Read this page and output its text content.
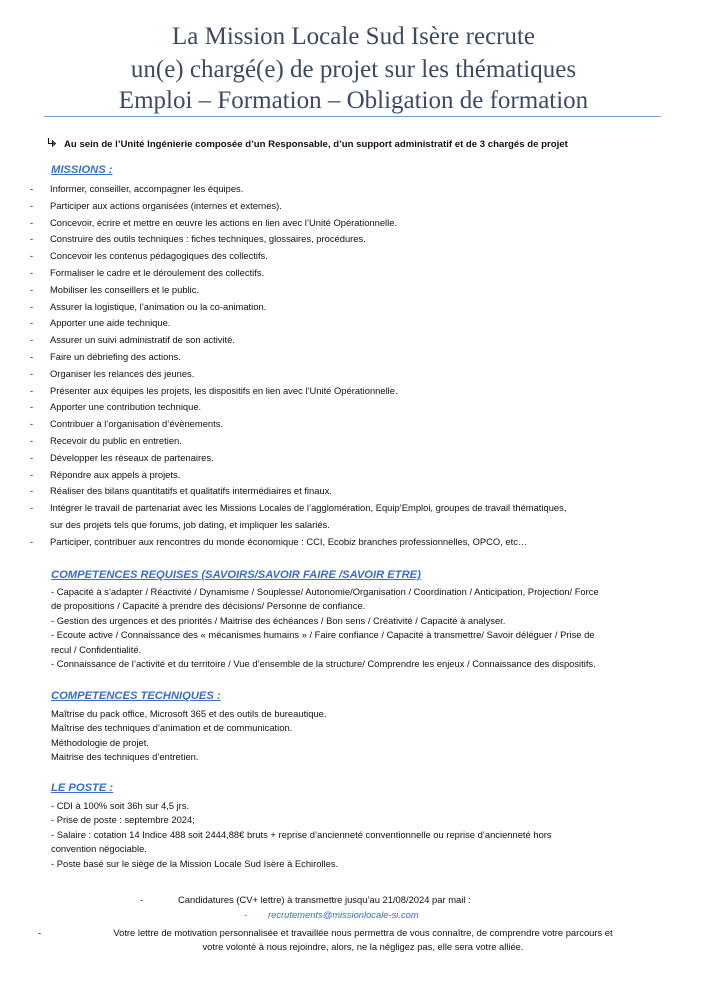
La Mission Locale Sud Isère recrute
un(e) chargé(e) de projet sur les thématiques
Emploi – Formation – Obligation de formation
Au sein de l’Unité Ingénierie composée d’un Responsable, d’un support administratif et de 3 chargés de projet
MISSIONS :
-	Informer, conseiller, accompagner les équipes.
-	Participer aux actions organisées (internes et externes).
-	Concevoir, écrire et mettre en œuvre les actions en lien avec l’Unité Opérationnelle.
-	Construire des outils techniques : fiches techniques, glossaires, procédures.
-	Concevoir les contenus pédagogiques des collectifs.
-	Formaliser le cadre et le déroulement des collectifs.
-	Mobiliser les conseillers et le public.
-	Assurer la logistique, l’animation ou la co-animation.
-	Apporter une aide technique.
-	Assurer un suivi administratif de son activité.
-	Faire un débriefing des actions.
-	Organiser les relances des jeunes.
-	Présenter aux équipes les projets, les dispositifs en lien avec l’Unité Opérationnelle.
-	Apporter une contribution technique.
-	Contribuer à l’organisation d’évènements.
-	Recevoir du public en entretien.
-	Développer les réseaux de partenaires.
-	Répondre aux appels à projets.
-	Réaliser des bilans quantitatifs et qualitatifs intermédiaires et finaux.
-	Intégrer le travail de partenariat avec les Missions Locales de l’agglomération, Equip’Emploi, groupes de travail thématiques,
sur des projets tels que forums, job dating, et impliquer les salariés.
-	Participer, contribuer aux rencontres du monde économique : CCI, Ecobiz branches professionnelles, OPCO, etc…
COMPETENCES REQUISES (SAVOIRS/SAVOIR FAIRE /SAVOIR ETRE)

- Capacité à s’adapter / Réactivité / Dynamisme / Souplesse/ Autonomie/Organisation / Coordination / Anticipation, Projection/ Force

de propositions / Capacité à prendre des décisions/ Personne de confiance.

- Gestion des urgences et des priorités / Maitrise des échéances / Bon sens / Créativité / Capacité à analyser.

- Ecoute active / Connaissance des « mécanismes humains » / Faire confiance / Capacité à transmettre/ Savoir déléguer / Prise de

recul / Confidentialité.

- Connaissance de l’activité et du territoire / Vue d’ensemble de la structure/ Comprendre les enjeux / Connaissance des dispositifs.

COMPETENCES TECHNIQUES :

Maîtrise du pack office, Microsoft 365 et des outils de bureautique.

Maîtrise des techniques d’animation et de communication.

Méthodologie de projet.

Maitrise des techniques d’entretien.

LE POSTE :

- CDI à 100% soit 36h sur 4,5 jrs.

- Prise de poste : septembre 2024;

- Salaire : cotation 14 Indice 488 soit 2444,88€ bruts + reprise d’ancienneté conventionnelle ou reprise d’ancienneté hors

convention négociable.

- Poste basé sur le siège de la Mission Locale Sud Isère à Echirolles.

-	Candidatures (CV+ lettre) à transmettre jusqu’au 21/08/2024 par mail :
- recrutements@missionlocale-si.com
-	Votre lettre de motivation personnalisée et travaillée nous permettra de vous connaître, de comprendre votre parcours et
votre volonté à nous rejoindre, alors, ne la négligez pas, elle sera votre alliée.
